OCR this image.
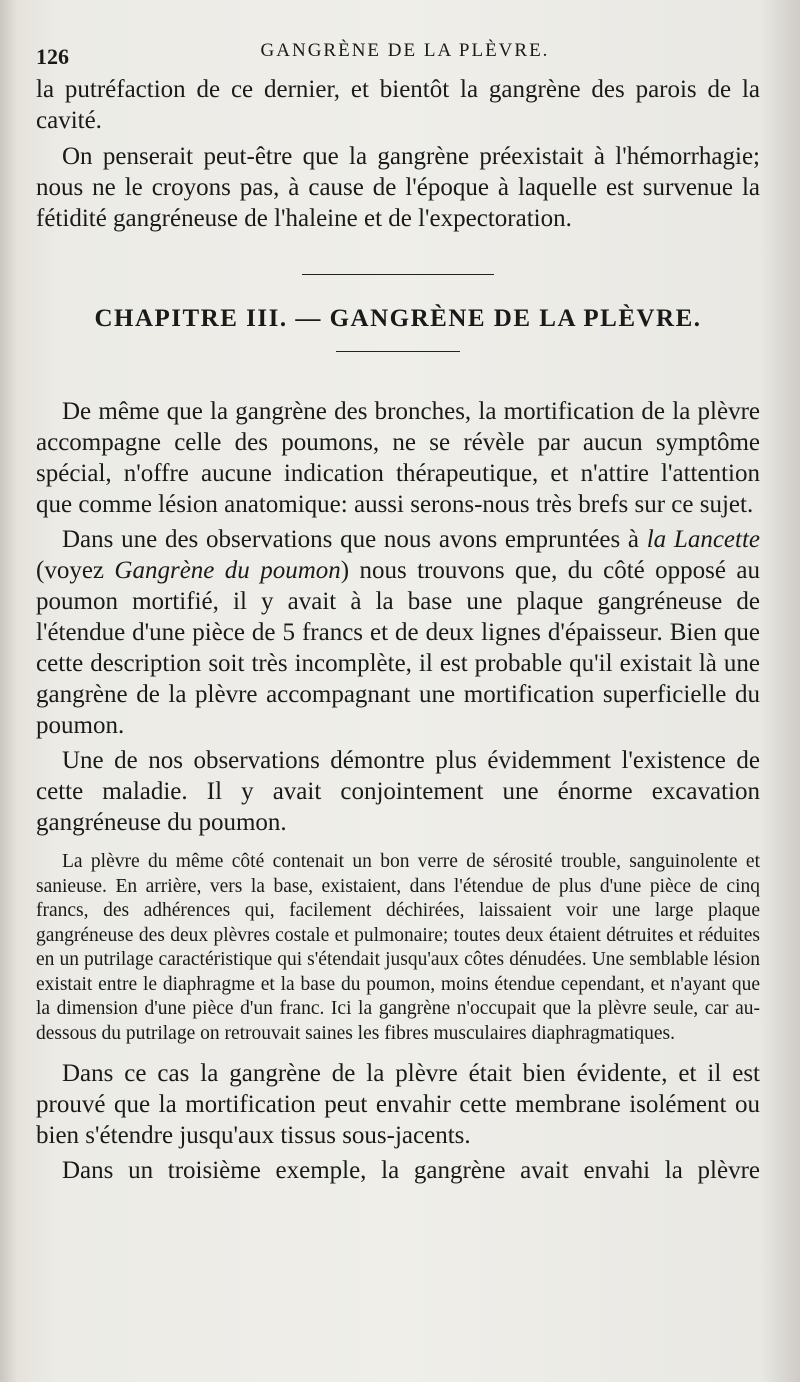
126	GANGRÈNE DE LA PLÈVRE.

la putréfaction de ce dernier, et bientôt la gangrène des parois de la cavité.

On penserait peut-être que la gangrène préexistait à l'hémorrhagie; nous ne le croyons pas, à cause de l'époque à laquelle est survenue la fétidité gangréneuse de l'haleine et de l'expectoration.

CHAPITRE III. — GANGRÈNE DE LA PLÈVRE.

De même que la gangrène des bronches, la mortification de la plèvre accompagne celle des poumons, ne se révèle par aucun symptôme spécial, n'offre aucune indication thérapeutique, et n'attire l'attention que comme lésion anatomique: aussi serons-nous très brefs sur ce sujet.

Dans une des observations que nous avons empruntées à la Lancette (voyez Gangrène du poumon) nous trouvons que, du côté opposé au poumon mortifié, il y avait à la base une plaque gangréneuse de l'étendue d'une pièce de 5 francs et de deux lignes d'épaisseur. Bien que cette description soit très incomplète, il est probable qu'il existait là une gangrène de la plèvre accompagnant une mortification superficielle du poumon.

Une de nos observations démontre plus évidemment l'existence de cette maladie. Il y avait conjointement une énorme excavation gangréneuse du poumon.

La plèvre du même côté contenait un bon verre de sérosité trouble, sanguinolente et sanieuse. En arrière, vers la base, existaient, dans l'étendue de plus d'une pièce de cinq francs, des adhérences qui, facilement déchirées, laissaient voir une large plaque gangréneuse des deux plèvres costale et pulmonaire; toutes deux étaient détruites et réduites en un putrilage caractéristique qui s'étendait jusqu'aux côtes dénudées. Une semblable lésion existait entre le diaphragme et la base du poumon, moins étendue cependant, et n'ayant que la dimension d'une pièce d'un franc. Ici la gangrène n'occupait que la plèvre seule, car au-dessous du putrilage on retrouvait saines les fibres musculaires diaphragmatiques.

Dans ce cas la gangrène de la plèvre était bien évidente, et il est prouvé que la mortification peut envahir cette membrane isolément ou bien s'étendre jusqu'aux tissus sous-jacents.

Dans un troisième exemple, la gangrène avait envahi la plèvre
